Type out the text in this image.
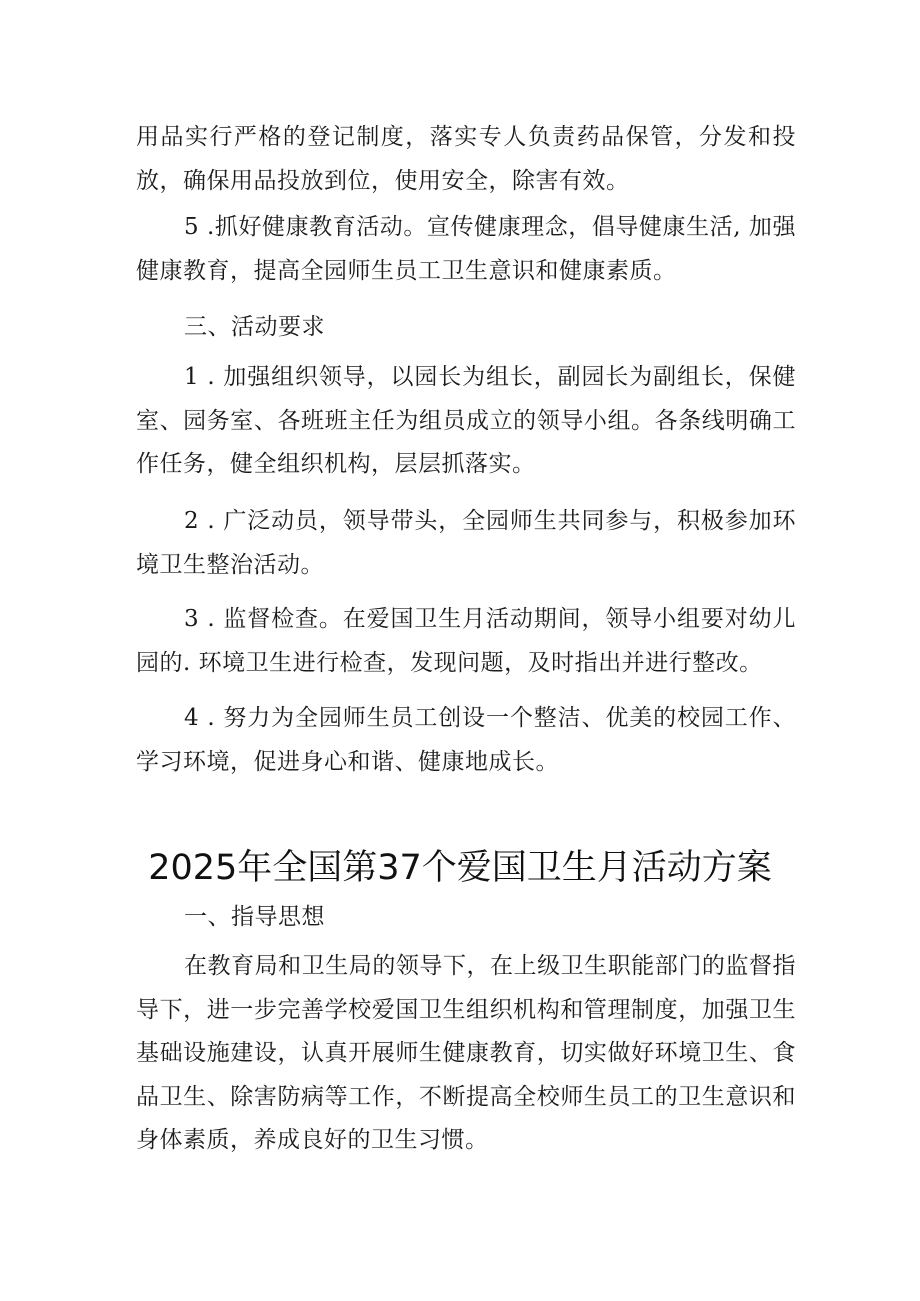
用品实行严格的登记制度，落实专人负责药品保管，分发和投放，确保用品投放到位，使用安全，除害有效。

5 .抓好健康教育活动。宣传健康理念，倡导健康生活, 加强健康教育，提高全园师生员工卫生意识和健康素质。

三、活动要求

1 . 加强组织领导，以园长为组长，副园长为副组长，保健室、园务室、各班班主任为组员成立的领导小组。各条线明确工作任务，健全组织机构，层层抓落实。

2 . 广泛动员，领导带头，全园师生共同参与，积极参加环境卫生整治活动。

3 . 监督检查。在爱国卫生月活动期间，领导小组要对幼儿园的. 环境卫生进行检查，发现问题，及时指出并进行整改。

4 . 努力为全园师生员工创设一个整洁、优美的校园工作、学习环境，促进身心和谐、健康地成长。

2025年全国第37个爱国卫生月活动方案

一、指导思想

在教育局和卫生局的领导下，在上级卫生职能部门的监督指导下，进一步完善学校爱国卫生组织机构和管理制度，加强卫生基础设施建设，认真开展师生健康教育，切实做好环境卫生、食品卫生、除害防病等工作，不断提高全校师生员工的卫生意识和身体素质，养成良好的卫生习惯。
